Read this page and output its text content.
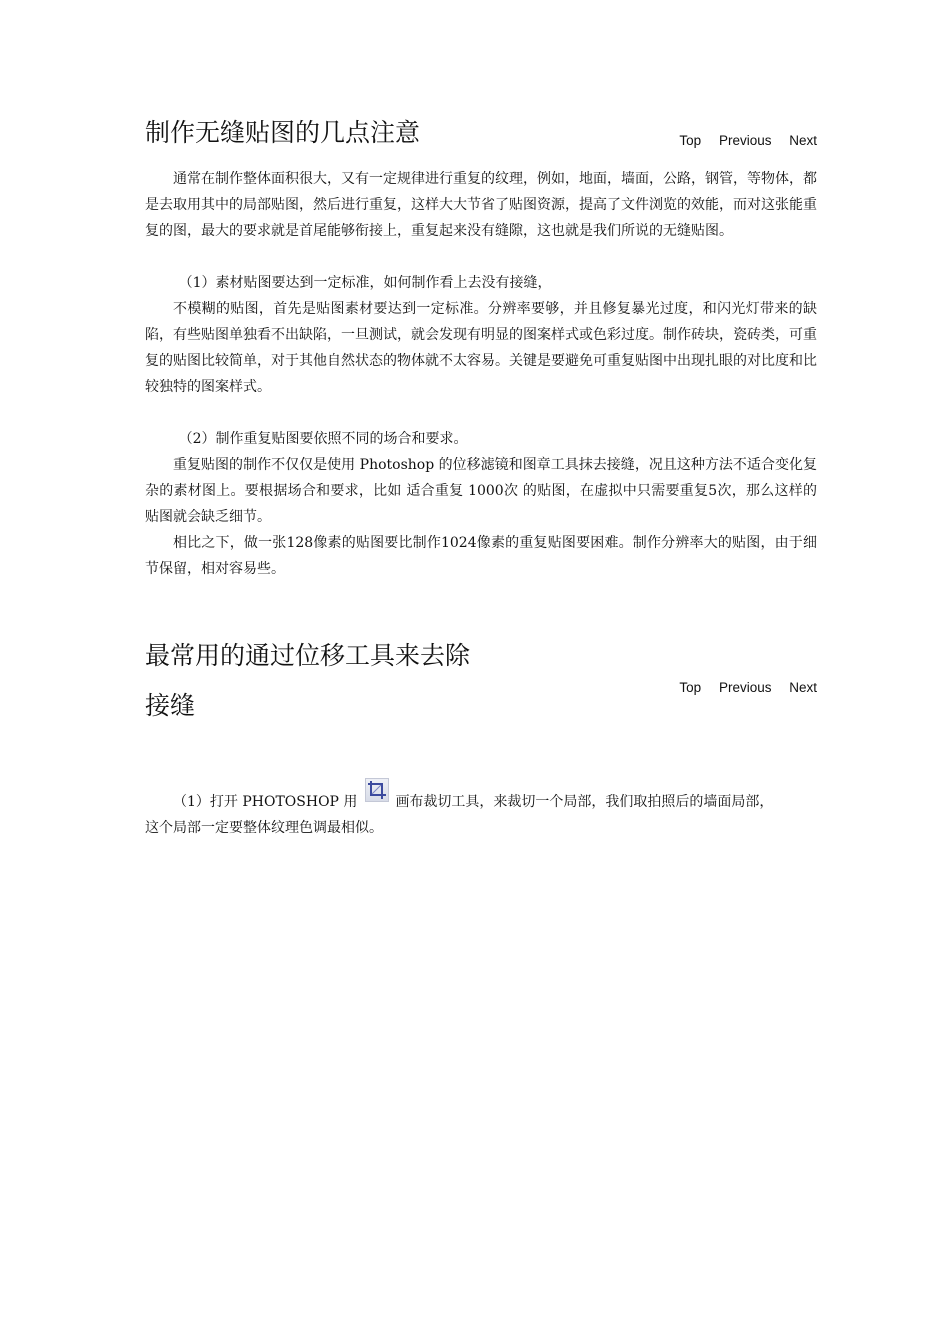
制作无缝贴图的几点注意	Top Previous Next

通常在制作整体面积很大，又有一定规律进行重复的纹理，例如，地面，墙面，公路，钢管，等物体，都是去取用其中的局部贴图，然后进行重复，这样大大节省了贴图资源，提高了文件浏览的效能，而对这张能重复的图，最大的要求就是首尾能够衔接上，重复起来没有缝隙，这也就是我们所说的无缝贴图。

（1）素材贴图要达到一定标准，如何制作看上去没有接缝，

不模糊的贴图，首先是贴图素材要达到一定标准。分辨率要够，并且修复暴光过度，和闪光灯带来的缺陷，有些贴图单独看不出缺陷，一旦测试，就会发现有明显的图案样式或色彩过度。制作砖块，瓷砖类，可重复的贴图比较简单，对于其他自然状态的物体就不太容易。关键是要避免可重复贴图中出现扎眼的对比度和比较独特的图案样式。

（2）制作重复贴图要依照不同的场合和要求。

重复贴图的制作不仅仅是使用 Photoshop 的位移滤镜和图章工具抹去接缝，况且这种方法不适合变化复杂的素材图上。要根据场合和要求，比如 适合重复 1000次 的贴图，在虚拟中只需要重复5次，那么这样的贴图就会缺乏细节。

相比之下，做一张128像素的贴图要比制作1024像素的重复贴图要困难。制作分辨率大的贴图，由于细节保留，相对容易些。

最常用的通过位移工具来去除
接缝
Top Previous Next

（1）打开 PHOTOSHOP 用	画布裁切工具，来裁切一个局部，我们取拍照后的墙面局部，

这个局部一定要整体纹理色调最相似。
